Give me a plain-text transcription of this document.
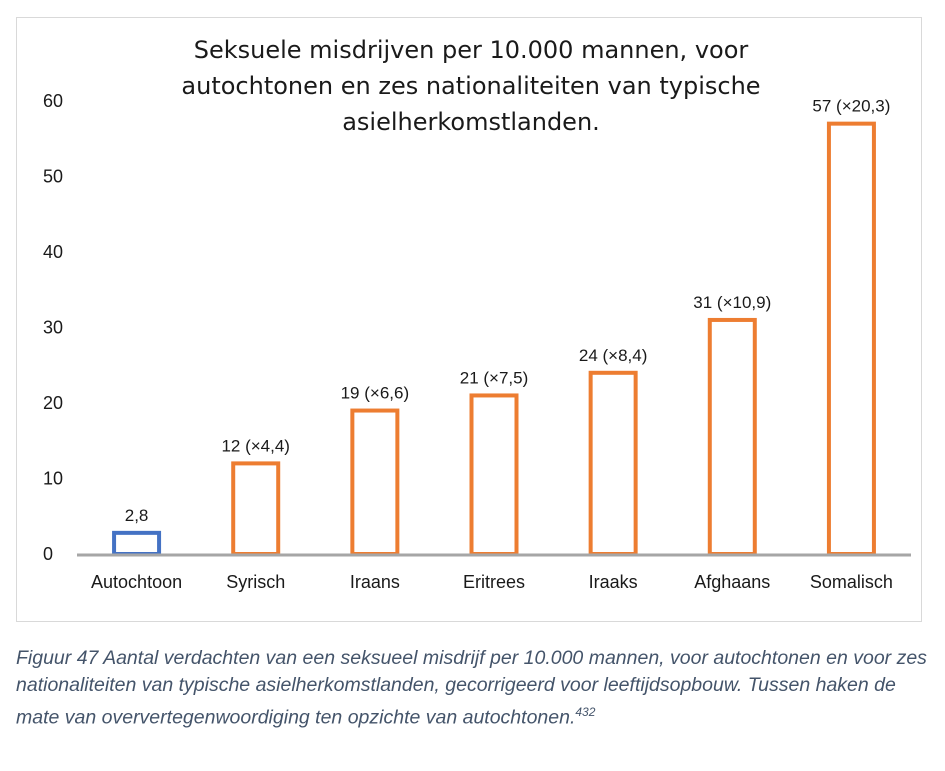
Seksuele misdrijven per 10.000 mannen, voor
autochtonen en zes nationaliteiten van typische
asielherkomstlanden.
0
10
20
30
40
50
60
2,8
12 (×4,4)
19 (×6,6)
21 (×7,5)
24 (×8,4)
31 (×10,9)
57 (×20,3)
Autochtoon Syrisch	Iraans	Eritrees	Iraaks	Afghaans Somalisch
Figuur 47 Aantal verdachten van een seksueel misdrijf per 10.000 mannen, voor autochtonen en voor zes nationaliteiten van typische asielherkomstlanden, gecorrigeerd voor leeftijdsopbouw. Tussen haken de mate van oververtegenwoordiging ten opzichte van autochtonen.$^{432}$
